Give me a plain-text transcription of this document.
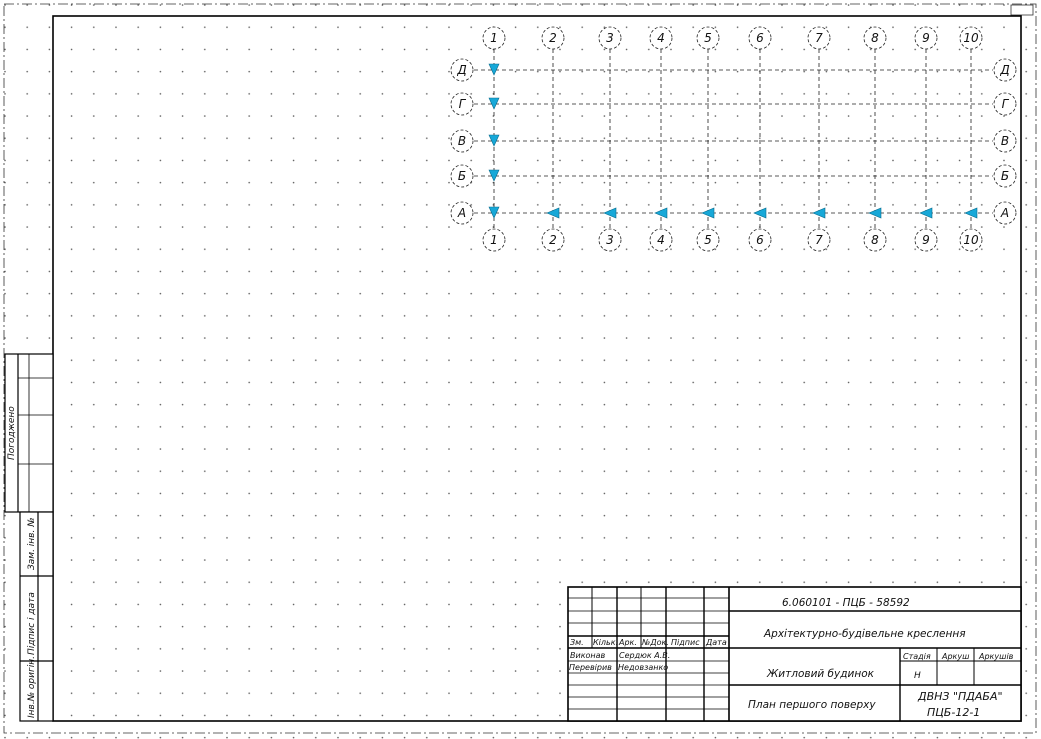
1
1
2
2
3
3
4
4
5
5
6
6
7
7
8
8
9
9
10
10
Д	Д
Г	Г
В	В
Б	Б
А	А
Погоджено
Зам. інв. №
Підпис і дата
Інв.№ оригін.
Зм. Кільк. Арк. №Док. Підпис Дата
Виконав Сердюк А.В.
Перевірив Недовзанко
6.060101 - ПЦБ - 58592
Архітектурно-будівельне креслення
Житловий будинок
План першого поверху
Стадія Аркуш Аркушів
Н
ДВНЗ "ПДАБА"
ПЦБ-12-1
